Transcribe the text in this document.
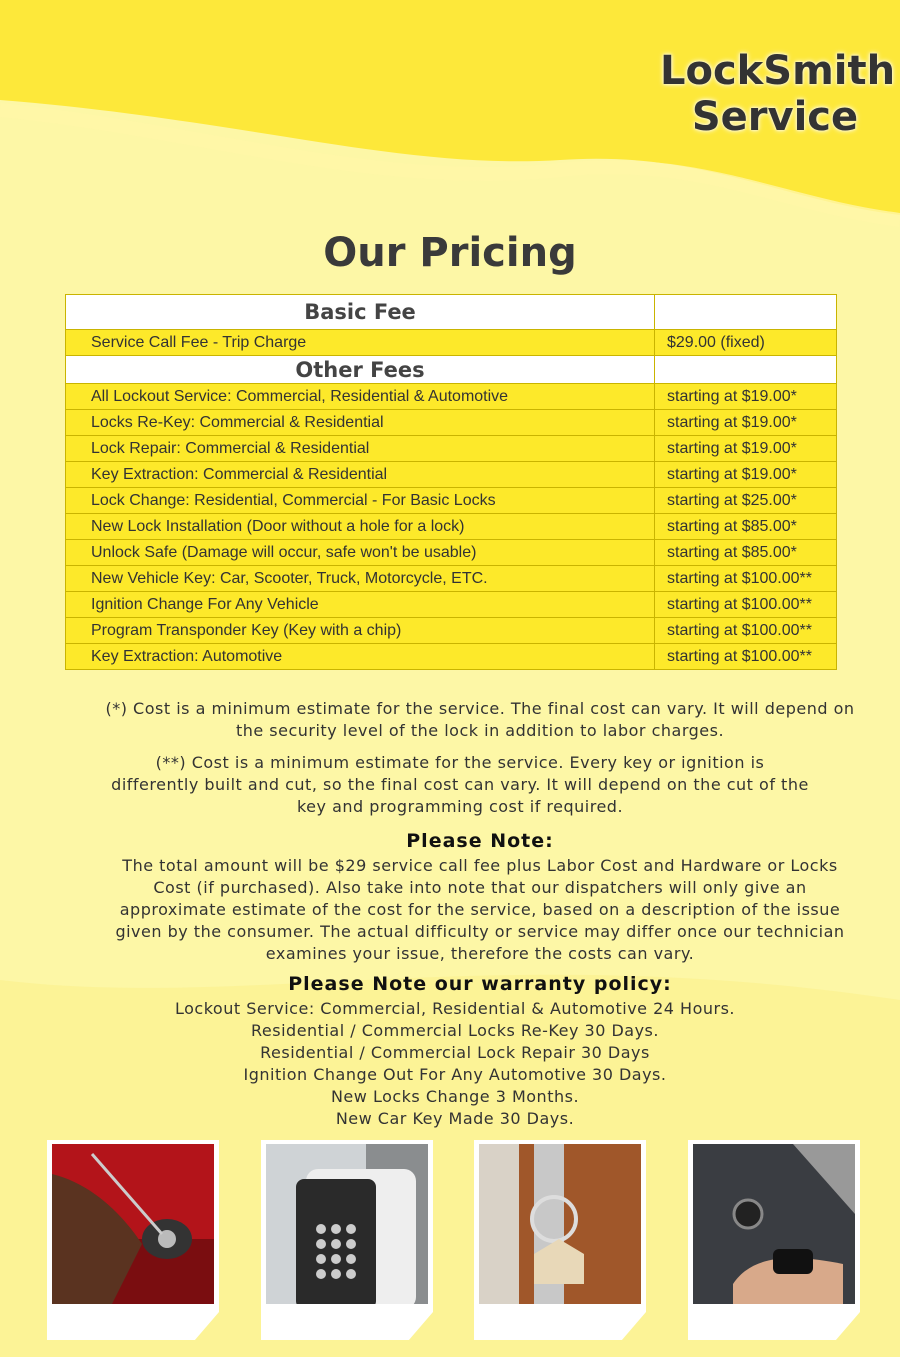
LockSmith
Service
Our Pricing
Basic Fee	
Service Call Fee - Trip Charge	$29.00 (fixed)
Other Fees	
All Lockout Service: Commercial, Residential & Automotive	starting at $19.00*
Locks Re-Key: Commercial & Residential	starting at $19.00*
Lock Repair: Commercial & Residential	starting at $19.00*
Key Extraction: Commercial & Residential	starting at $19.00*
Lock Change: Residential, Commercial - For Basic Locks	starting at $25.00*
New Lock Installation (Door without a hole for a lock)	starting at $85.00*
Unlock Safe (Damage will occur, safe won't be usable)	starting at $85.00*
New Vehicle Key: Car, Scooter, Truck, Motorcycle, ETC.	starting at $100.00**
Ignition Change For Any Vehicle	starting at $100.00**
Program Transponder Key (Key with a chip)	starting at $100.00**
Key Extraction: Automotive	starting at $100.00**
(*) Cost is a minimum estimate for the service. The final cost can vary. It will depend on the security level of the lock in addition to labor charges.
(**) Cost is a minimum estimate for the service. Every key or ignition is differently built and cut, so the final cost can vary. It will depend on the cut of the key and programming cost if required.
Please Note:
The total amount will be $29 service call fee plus Labor Cost and Hardware or Locks Cost (if purchased). Also take into note that our dispatchers will only give an approximate estimate of the cost for the service, based on a description of the issue given by the consumer. The actual difficulty or service may differ once our technician examines your issue, therefore the costs can vary.
Please Note our warranty policy:
Lockout Service: Commercial, Residential & Automotive 24 Hours.
Residential / Commercial Locks Re-Key 30 Days.
Residential / Commercial Lock Repair 30 Days
Ignition Change Out For Any Automotive 30 Days.
New Locks Change 3 Months.
New Car Key Made 30 Days.
